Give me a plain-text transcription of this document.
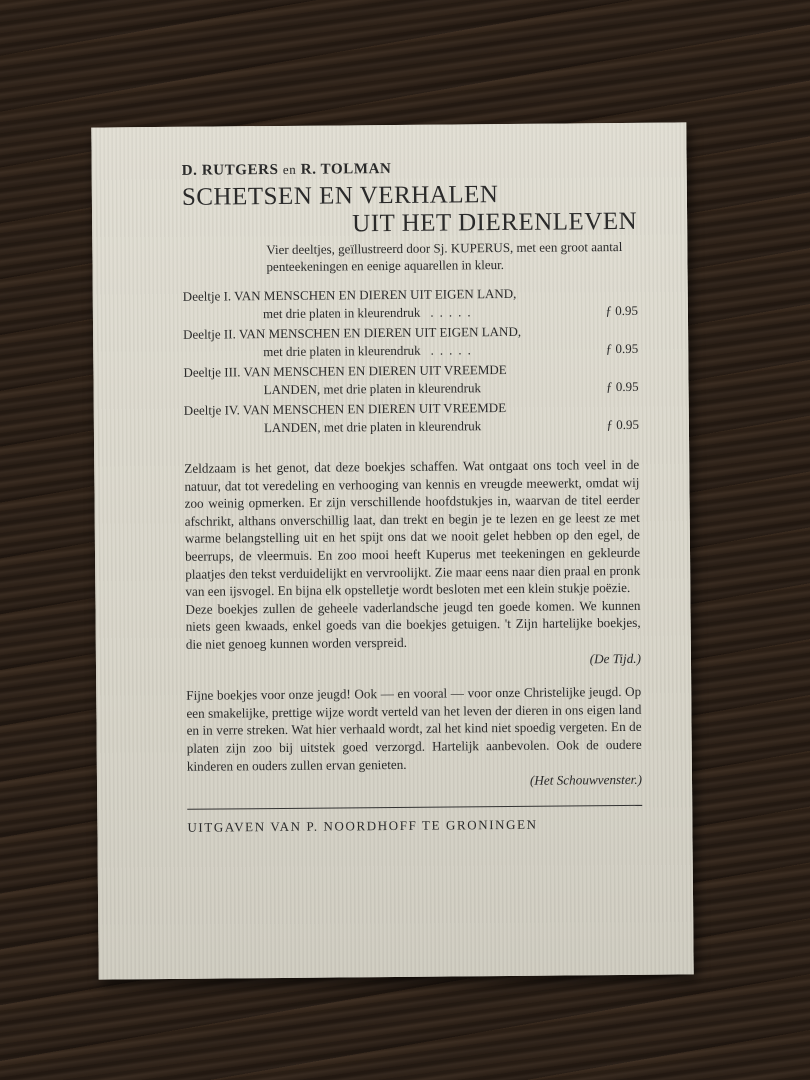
D. RUTGERS en R. TOLMAN
SCHETSEN EN VERHALEN
UIT HET DIERENLEVEN
Vier deeltjes, geïllustreerd door Sj. KUPERUS, met een groot aantal penteekeningen en eenige aquarellen in kleur.
Deeltje I. VAN MENSCHEN EN DIEREN UIT EIGEN LAND,
met drie platen in kleurendruk .....	ƒ 0.95
Deeltje II. VAN MENSCHEN EN DIEREN UIT EIGEN LAND,
met drie platen in kleurendruk .....	ƒ 0.95
Deeltje III. VAN MENSCHEN EN DIEREN UIT VREEMDE
LANDEN, met drie platen in kleurendruk	ƒ 0.95
Deeltje IV. VAN MENSCHEN EN DIEREN UIT VREEMDE
LANDEN, met drie platen in kleurendruk	ƒ 0.95

Zeldzaam is het genot, dat deze boekjes schaffen. Wat ontgaat ons toch veel in de natuur, dat tot veredeling en verhooging van kennis en vreugde meewerkt, omdat wij zoo weinig opmerken. Er zijn verschillende hoofdstukjes in, waarvan de titel eerder afschrikt, althans onverschillig laat, dan trekt en begin je te lezen en ge leest ze met warme belangstelling uit en het spijt ons dat we nooit gelet hebben op den egel, de beerrups, de vleermuis. En zoo mooi heeft Kuperus met teekeningen en gekleurde plaatjes den tekst verduidelijkt en vervroolijkt. Zie maar eens naar dien praal en pronk van een ijsvogel. En bijna elk opstelletje wordt besloten met een klein stukje poëzie.

Deze boekjes zullen de geheele vaderlandsche jeugd ten goede komen. We kunnen niets geen kwaads, enkel goeds van die boekjes getuigen. 't Zijn hartelijke boekjes, die niet genoeg kunnen worden verspreid.

(De Tijd.)

Fijne boekjes voor onze jeugd! Ook — en vooral — voor onze Christelijke jeugd. Op een smakelijke, prettige wijze wordt verteld van het leven der dieren in ons eigen land en in verre streken. Wat hier verhaald wordt, zal het kind niet spoedig vergeten. En de platen zijn zoo bij uitstek goed verzorgd. Hartelijk aanbevolen. Ook de oudere kinderen en ouders zullen ervan genieten.

(Het Schouwvenster.)
UITGAVEN VAN P. NOORDHOFF TE GRONINGEN
